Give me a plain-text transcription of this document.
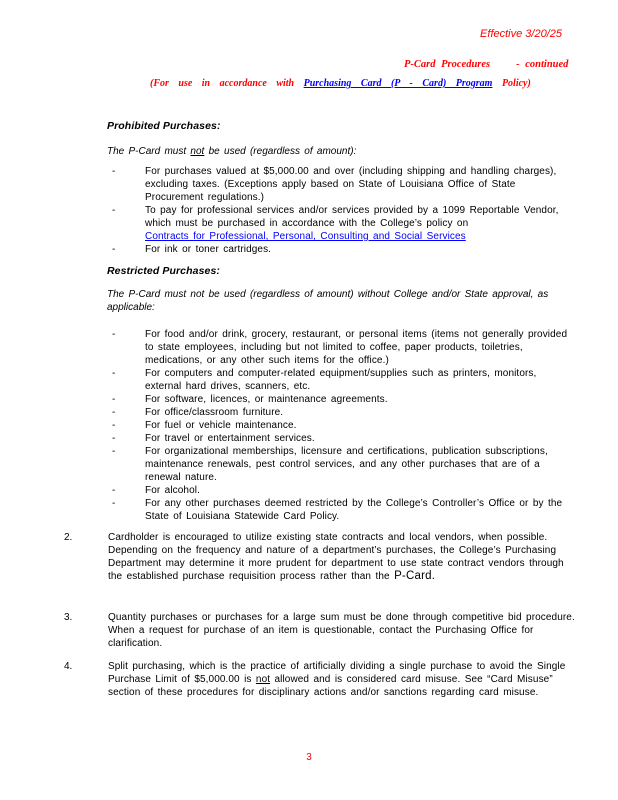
Effective 3/20/25
P-Card Procedures - continued
(For use in accordance with Purchasing Card (P - Card) Program Policy)
Prohibited Purchases:
The P-Card must not be used (regardless of amount):
-	For purchases valued at $5,000.00 and over (including shipping and handling charges), excluding taxes. (Exceptions apply based on State of Louisiana Office of State Procurement regulations.)
-	To pay for professional services and/or services provided by a 1099 Reportable Vendor, which must be purchased in accordance with the College’s policy on
Contracts for Professional, Personal, Consulting and Social Services
-	For ink or toner cartridges.
Restricted Purchases:
The P-Card must not be used (regardless of amount) without College and/or State approval, as applicable:
-	For food and/or drink, grocery, restaurant, or personal items (items not generally provided to state employees, including but not limited to coffee, paper products, toiletries, medications, or any other such items for the office.)
-	For computers and computer-related equipment/supplies such as printers, monitors, external hard drives, scanners, etc.
-	For software, licences, or maintenance agreements.
-	For office/classroom furniture.
-	For fuel or vehicle maintenance.
-	For travel or entertainment services.
-	For organizational memberships, licensure and certifications, publication subscriptions, maintenance renewals, pest control services, and any other purchases that are of a renewal nature.
-	For alcohol.
-	For any other purchases deemed restricted by the College’s Controller’s Office or by the State of Louisiana Statewide Card Policy.
2.	Cardholder is encouraged to utilize existing state contracts and local vendors, when possible. Depending on the frequency and nature of a department’s purchases, the College’s Purchasing Department may determine it more prudent for department to use state contract vendors through the established purchase requisition process rather than the P-Card.
3.	Quantity purchases or purchases for a large sum must be done through competitive bid procedure. When a request for purchase of an item is questionable, contact the Purchasing Office for clarification.
4.	Split purchasing, which is the practice of artificially dividing a single purchase to avoid the Single Purchase Limit of $5,000.00 is not allowed and is considered card misuse. See “Card Misuse” section of these procedures for disciplinary actions and/or sanctions regarding card misuse.
3
